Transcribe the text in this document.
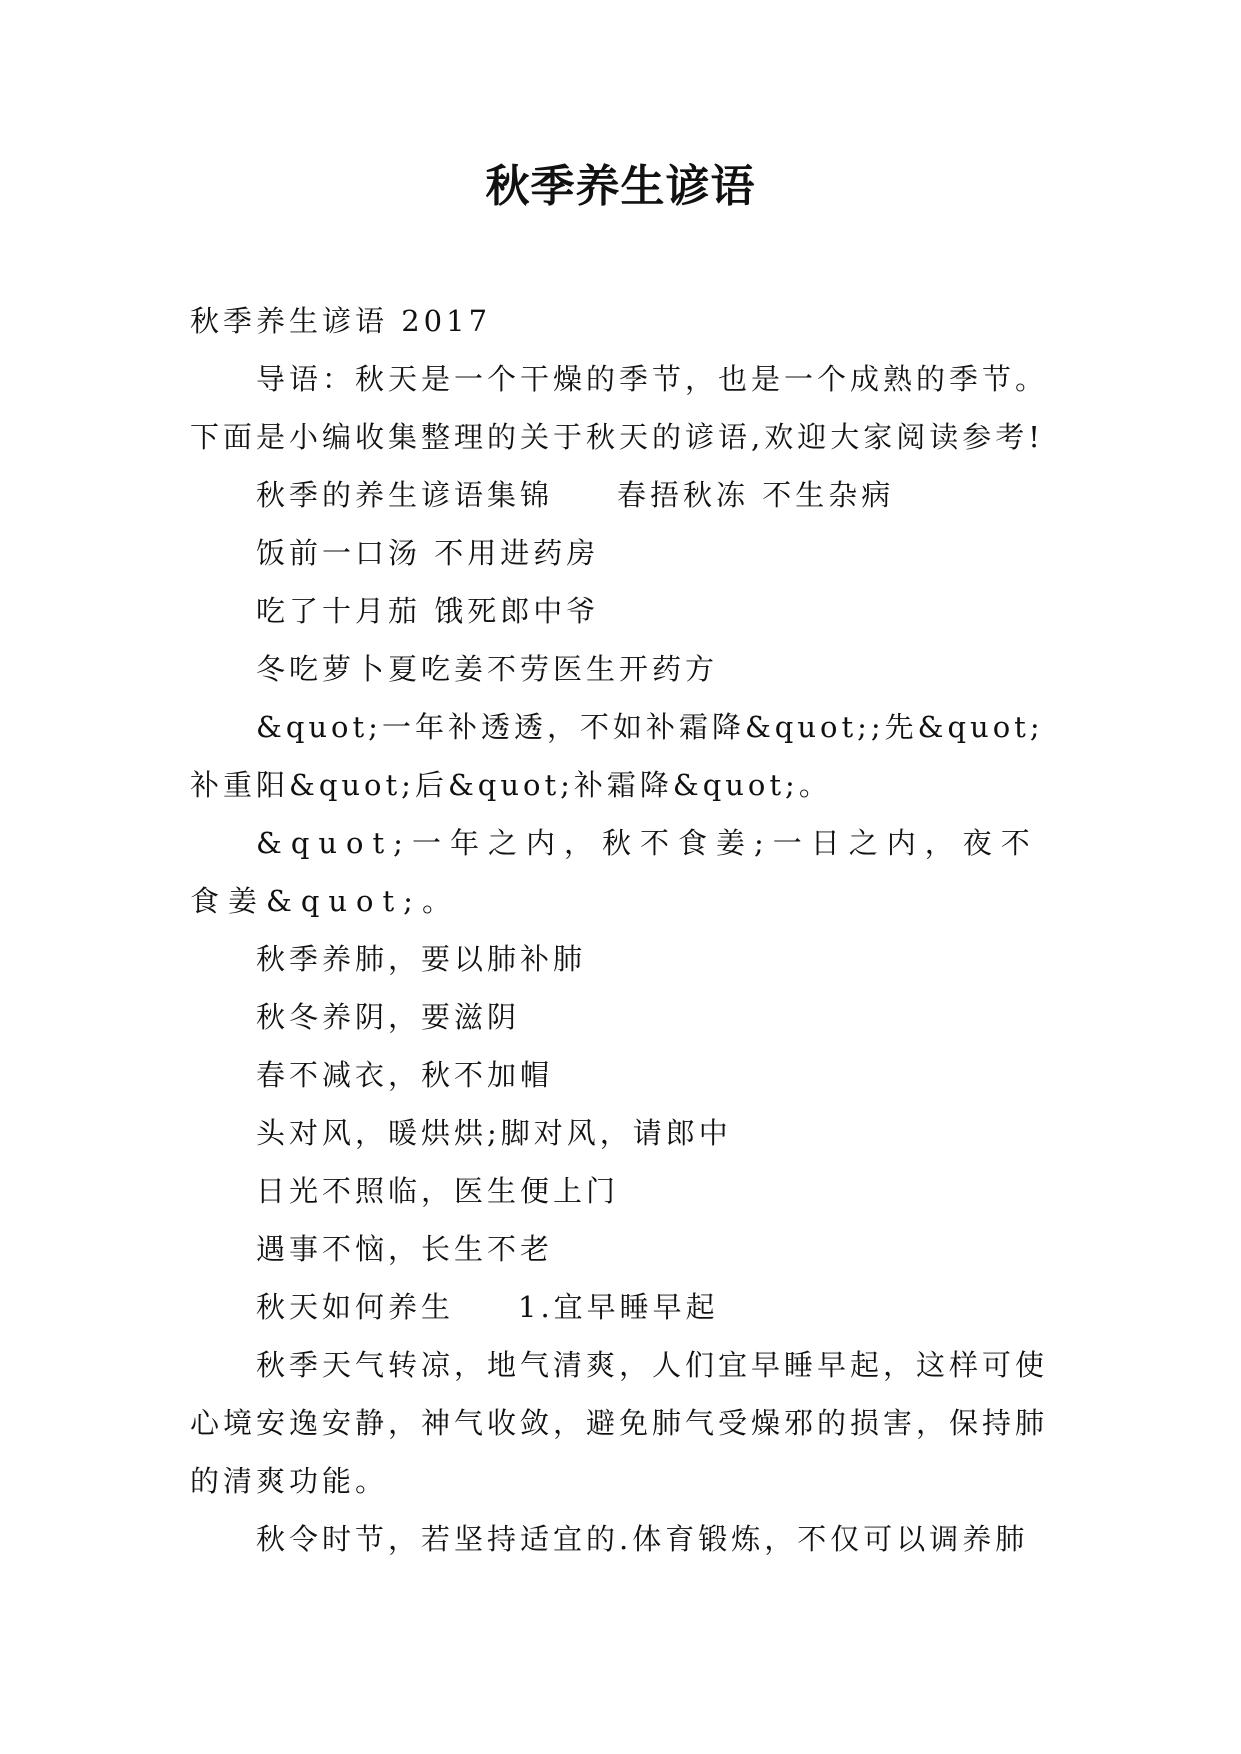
秋季养生谚语

秋季养生谚语 2017

导语：秋天是一个干燥的季节，也是一个成熟的季节。下面是小编收集整理的关于秋天的谚语,欢迎大家阅读参考!

秋季的养生谚语集锦 春捂秋冻 不生杂病

饭前一口汤 不用进药房

吃了十月茄 饿死郎中爷

冬吃萝卜夏吃姜不劳医生开药方

&quot;一年补透透，不如补霜降&quot;;先&quot;补重阳&quot;后&quot;补霜降&quot;。

&quot;一年之内，秋不食姜;一日之内，夜不食姜&quot;。

秋季养肺，要以肺补肺

秋冬养阴，要滋阴

春不减衣，秋不加帽

头对风，暖烘烘;脚对风，请郎中

日光不照临，医生便上门

遇事不恼，长生不老

秋天如何养生 1.宜早睡早起

秋季天气转凉，地气清爽，人们宜早睡早起，这样可使心境安逸安静，神气收敛，避免肺气受燥邪的损害，保持肺的清爽功能。

秋令时节，若坚持适宜的.体育锻炼，不仅可以调养肺
